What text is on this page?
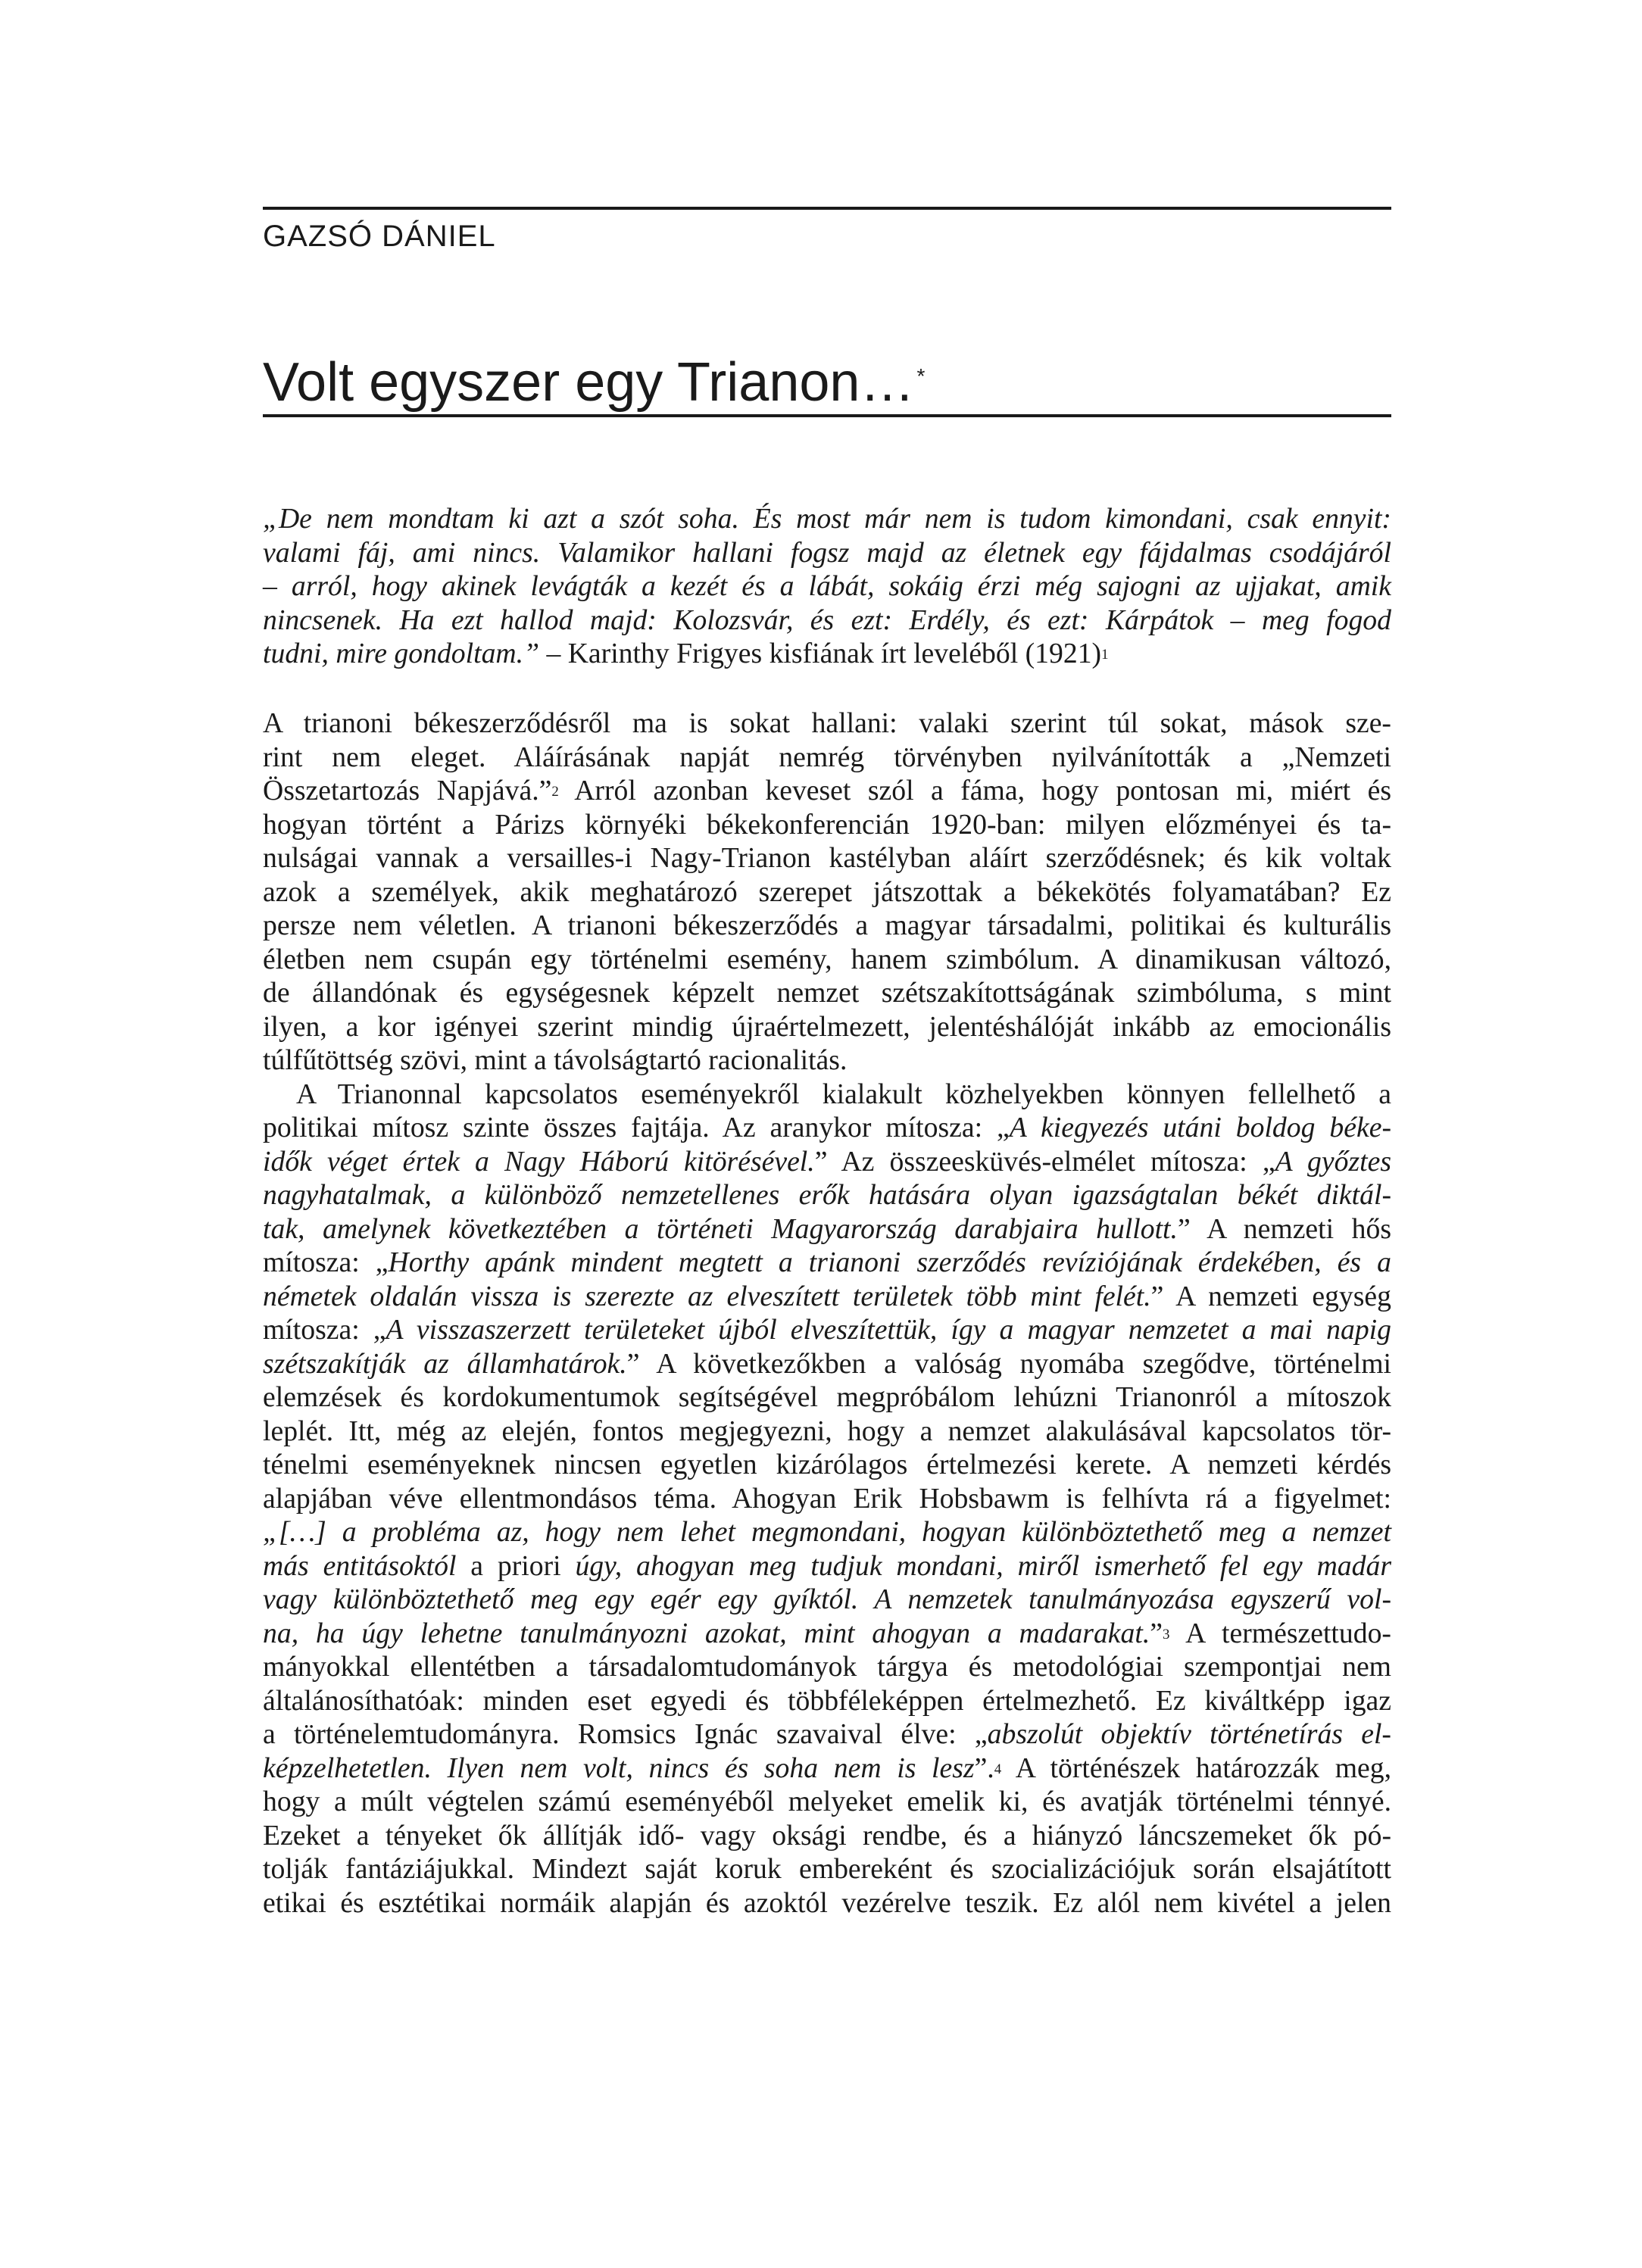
GAZSÓ DÁNIEL
Volt egyszer egy Trianon… *
„De nem mondtam ki azt a szót soha. És most már nem is tudom kimondani, csak ennyit:
valami fáj, ami nincs. Valamikor hallani fogsz majd az életnek egy fájdalmas csodájáról
– arról, hogy akinek levágták a kezét és a lábát, sokáig érzi még sajogni az ujjakat, amik
nincsenek. Ha ezt hallod majd: Kolozsvár, és ezt: Erdély, és ezt: Kárpátok – meg fogod
tudni, mire gondoltam.” – Karinthy Frigyes kisfiának írt leveléből $(1921)^1$
A trianoni békeszerződésről ma is sokat hallani: valaki szerint túl sokat, mások sze-
rint nem eleget. Aláírásának napját nemrég törvényben nyilvánították a „Nemzeti
Összetartozás Napjává.”$^2$ Arról azonban keveset szól a fáma, hogy pontosan mi, miért és
hogyan történt a Párizs környéki békekonferencián 1920-ban: milyen előzményei és ta-
nulságai vannak a versailles-i Nagy-Trianon kastélyban aláírt szerződésnek; és kik voltak
azok a személyek, akik meghatározó szerepet játszottak a békekötés folyamatában? Ez
persze nem véletlen. A trianoni békeszerződés a magyar társadalmi, politikai és kulturális
életben nem csupán egy történelmi esemény, hanem szimbólum. A dinamikusan változó,
de állandónak és egységesnek képzelt nemzet szétszakítottságának szimbóluma, s mint
ilyen, a kor igényei szerint mindig újraértelmezett, jelentéshálóját inkább az emocionális
túlfűtöttség szövi, mint a távolságtartó racionalitás.
A Trianonnal kapcsolatos eseményekről kialakult közhelyekben könnyen fellelhető a
politikai mítosz szinte összes fajtája. Az aranykor mítosza: „A kiegyezés utáni boldog béke-
idők véget értek a Nagy Háború kitörésével.” Az összeesküvés-elmélet mítosza: „A győztes
nagyhatalmak, a különböző nemzetellenes erők hatására olyan igazságtalan békét diktál-
tak, amelynek következtében a történeti Magyarország darabjaira hullott.” A nemzeti hős
mítosza: „Horthy apánk mindent megtett a trianoni szerződés revíziójának érdekében, és a
németek oldalán vissza is szerezte az elveszített területek több mint felét.” A nemzeti egység
mítosza: „A visszaszerzett területeket újból elveszítettük, így a magyar nemzetet a mai napig
szétszakítják az államhatárok.” A következőkben a valóság nyomába szegődve, történelmi
elemzések és kordokumentumok segítségével megpróbálom lehúzni Trianonról a mítoszok
leplét. Itt, még az elején, fontos megjegyezni, hogy a nemzet alakulásával kapcsolatos tör-
ténelmi eseményeknek nincsen egyetlen kizárólagos értelmezési kerete. A nemzeti kérdés
alapjában véve ellentmondásos téma. Ahogyan Erik Hobsbawm is felhívta rá a figyelmet:
„[…] a probléma az, hogy nem lehet megmondani, hogyan különböztethető meg a nemzet
más entitásoktól a priori úgy, ahogyan meg tudjuk mondani, miről ismerhető fel egy madár
vagy különböztethető meg egy egér egy gyíktól. A nemzetek tanulmányozása egyszerű vol-
na, ha úgy lehetne tanulmányozni azokat, mint ahogyan a madarakat.”$^3$ A természettudo-
mányokkal ellentétben a társadalomtudományok tárgya és metodológiai szempontjai nem
általánosíthatóak: minden eset egyedi és többféleképpen értelmezhető. Ez kiváltképp igaz
a történelemtudományra. Romsics Ignác szavaival élve: „abszolút objektív történetírás el-
képzelhetetlen. Ilyen nem volt, nincs és soha nem is lesz”.$^4$ A történészek határozzák meg,
hogy a múlt végtelen számú eseményéből melyeket emelik ki, és avatják történelmi ténnyé.
Ezeket a tényeket ők állítják idő- vagy oksági rendbe, és a hiányzó láncszemeket ők pó-
tolják fantáziájukkal. Mindezt saját koruk embereként és szocializációjuk során elsajátított
etikai és esztétikai normáik alapján és azoktól vezérelve teszik. Ez alól nem kivétel a jelen
